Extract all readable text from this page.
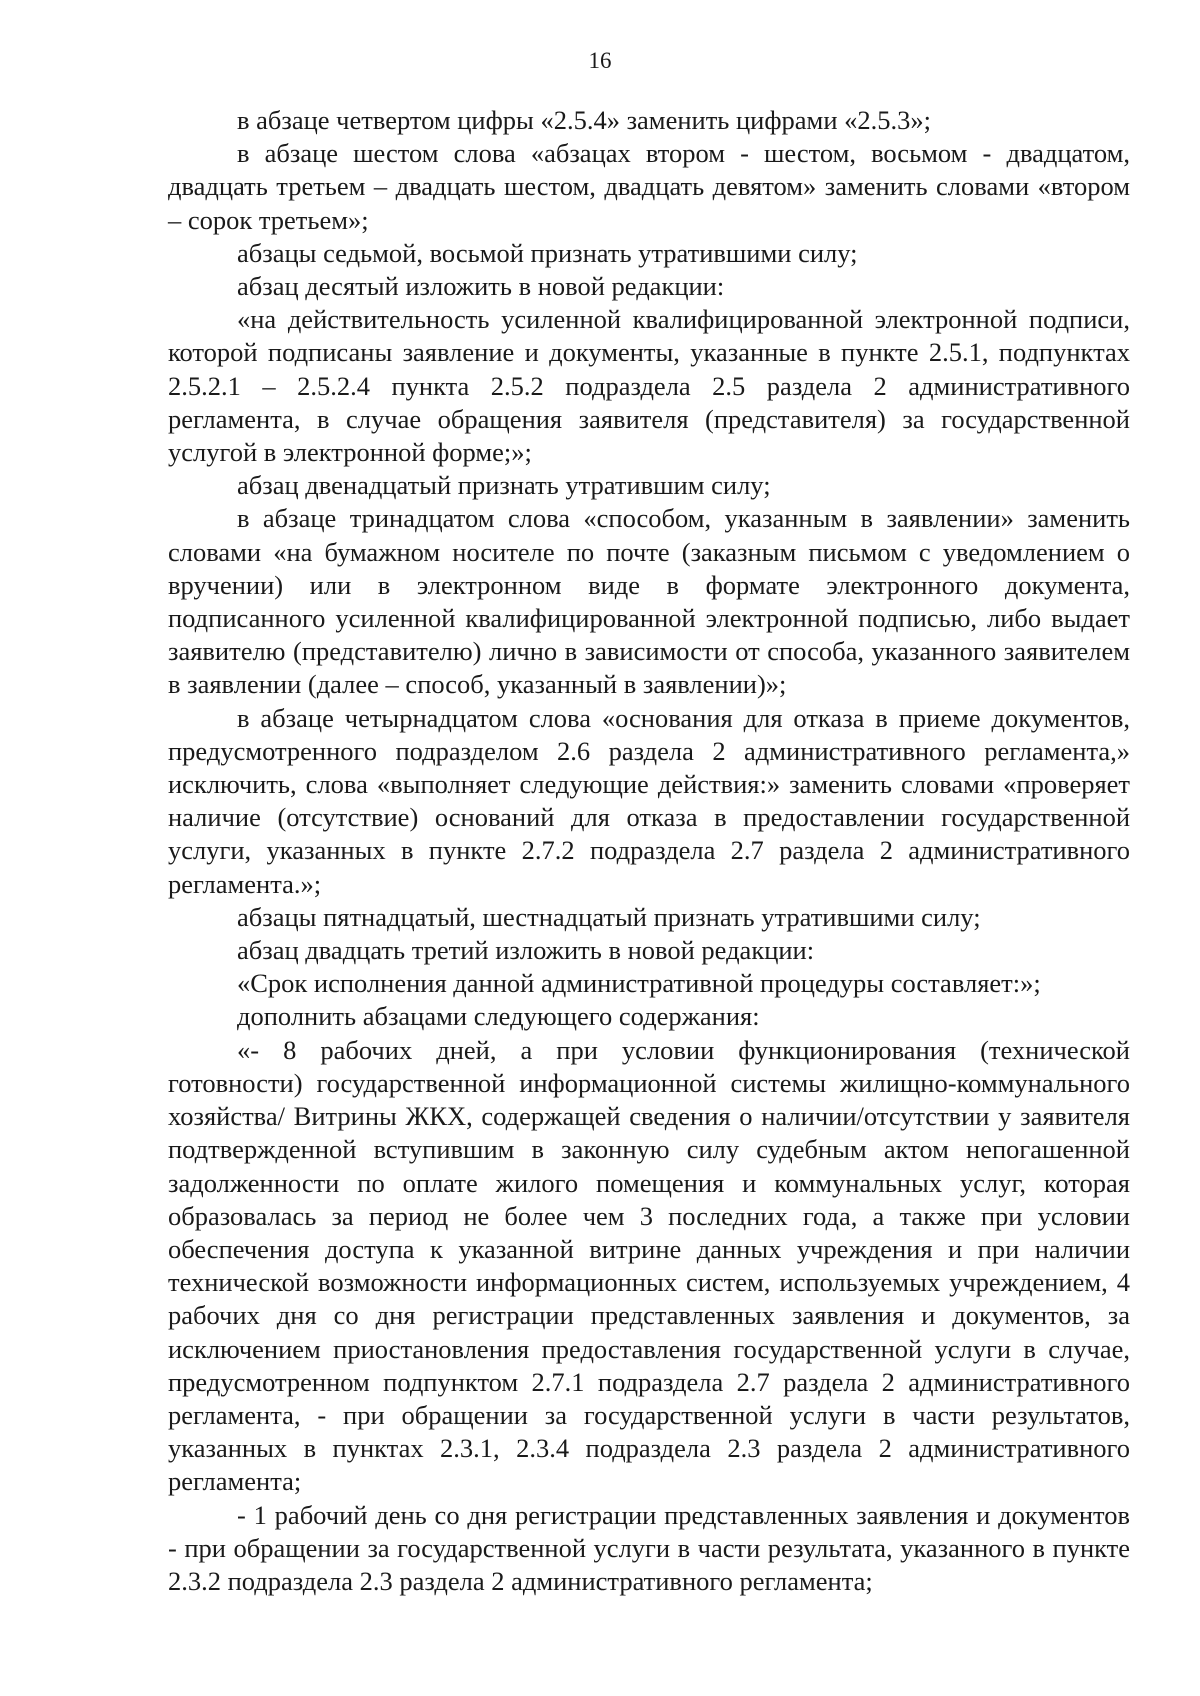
16

в абзаце четвертом цифры «2.5.4» заменить цифрами «2.5.3»;

в абзаце шестом слова «абзацах втором - шестом, восьмом - двадцатом, двадцать третьем – двадцать шестом, двадцать девятом» заменить словами «втором – сорок третьем»;

абзацы седьмой, восьмой признать утратившими силу;

абзац десятый изложить в новой редакции:

«на действительность усиленной квалифицированной электронной подписи, которой подписаны заявление и документы, указанные в пункте 2.5.1, подпунктах 2.5.2.1 – 2.5.2.4 пункта 2.5.2 подраздела 2.5 раздела 2 административного регламента, в случае обращения заявителя (представителя) за государственной услугой в электронной форме;»;

абзац двенадцатый признать утратившим силу;

в абзаце тринадцатом слова «способом, указанным в заявлении» заменить словами «на бумажном носителе по почте (заказным письмом с уведомлением о вручении) или в электронном виде в формате электронного документа, подписанного усиленной квалифицированной электронной подписью, либо выдает заявителю (представителю) лично в зависимости от способа, указанного заявителем в заявлении (далее – способ, указанный в заявлении)»;

в абзаце четырнадцатом слова «основания для отказа в приеме документов, предусмотренного подразделом 2.6 раздела 2 административного регламента,» исключить, слова «выполняет следующие действия:» заменить словами «проверяет наличие (отсутствие) оснований для отказа в предоставлении государственной услуги, указанных в пункте 2.7.2 подраздела 2.7 раздела 2 административного регламента.»;

абзацы пятнадцатый, шестнадцатый признать утратившими силу;

абзац двадцать третий изложить в новой редакции:

«Срок исполнения данной административной процедуры составляет:»;

дополнить абзацами следующего содержания:

«- 8 рабочих дней, а при условии функционирования (технической готовности) государственной информационной системы жилищно-коммунального хозяйства/ Витрины ЖКХ, содержащей сведения о наличии/отсутствии у заявителя подтвержденной вступившим в законную силу судебным актом непогашенной задолженности по оплате жилого помещения и коммунальных услуг, которая образовалась за период не более чем 3 последних года, а также при условии обеспечения доступа к указанной витрине данных учреждения и при наличии технической возможности информационных систем, используемых учреждением, 4 рабочих дня со дня регистрации представленных заявления и документов, за исключением приостановления предоставления государственной услуги в случае, предусмотренном подпунктом 2.7.1 подраздела 2.7 раздела 2 административного регламента, - при обращении за государственной услуги в части результатов, указанных в пунктах 2.3.1, 2.3.4 подраздела 2.3 раздела 2 административного регламента;

- 1 рабочий день со дня регистрации представленных заявления и документов - при обращении за государственной услуги в части результата, указанного в пункте 2.3.2 подраздела 2.3 раздела 2 административного регламента;
